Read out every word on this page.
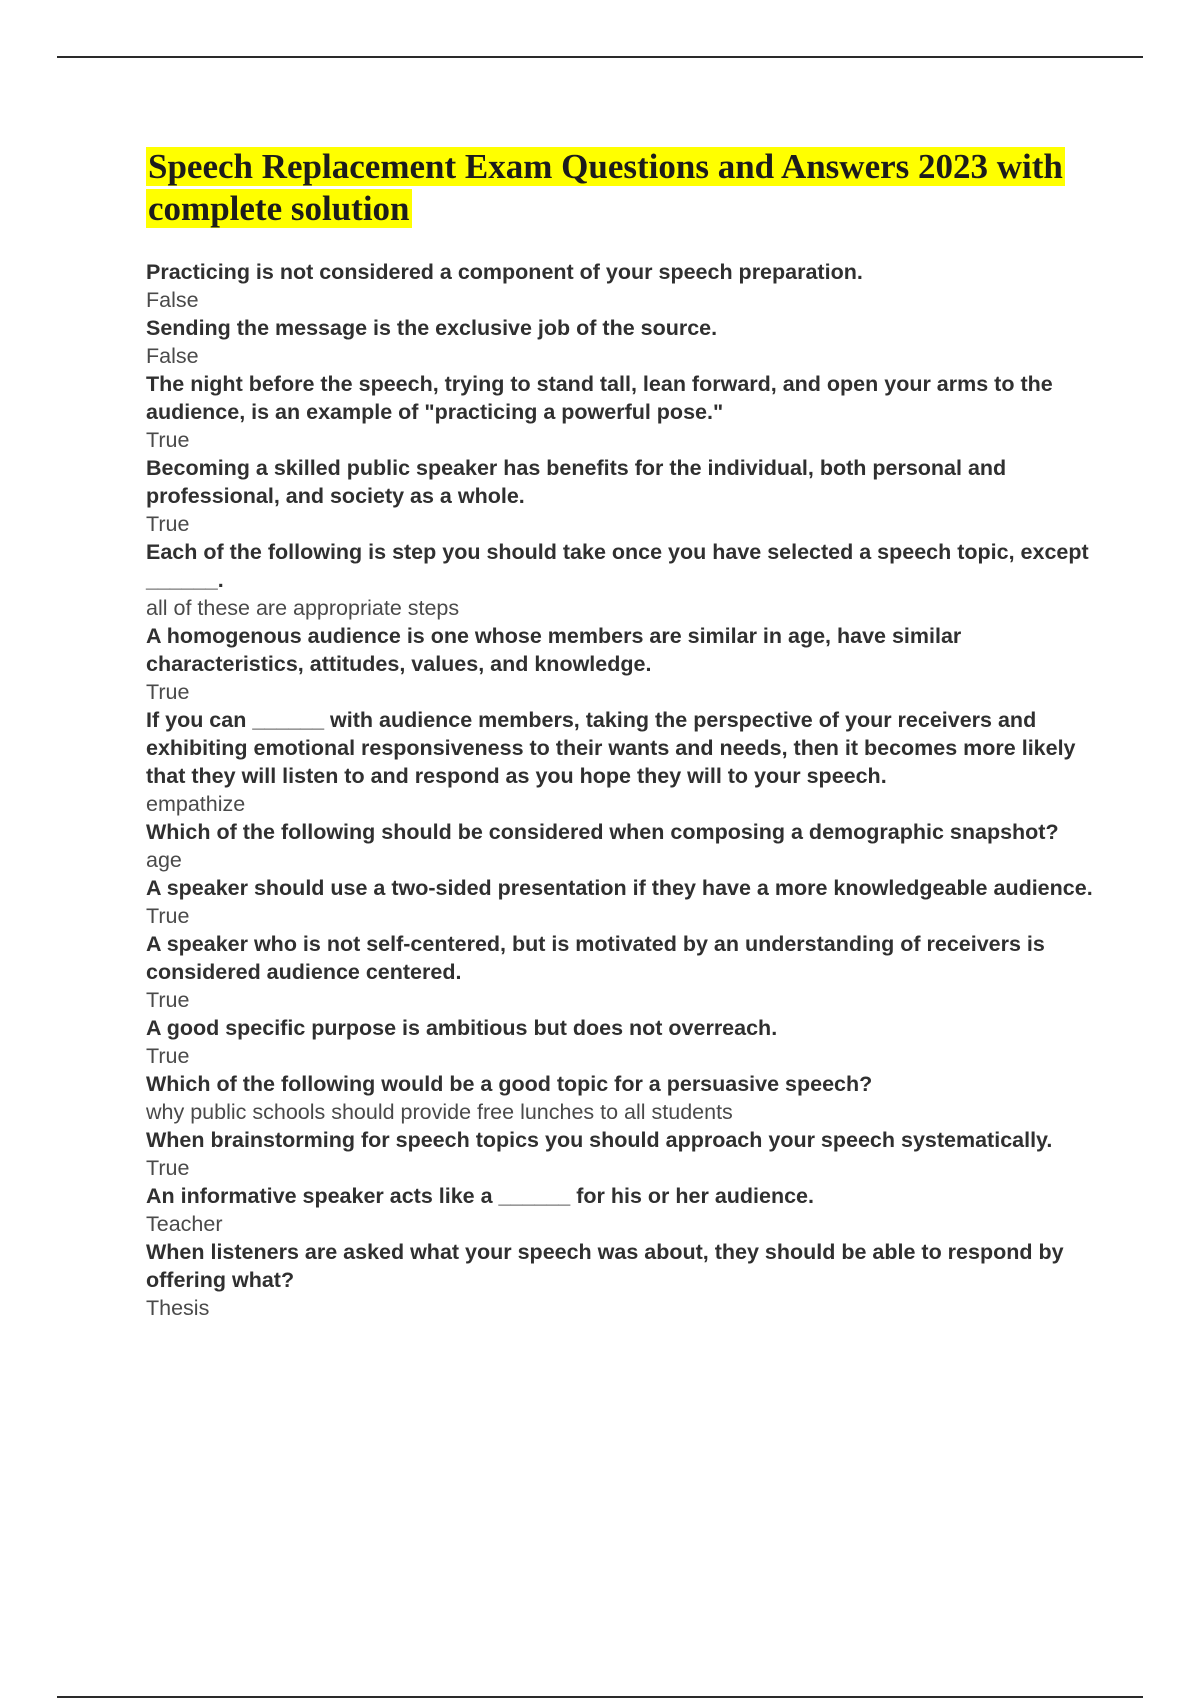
Speech Replacement Exam Questions and Answers 2023 with complete solution

Practicing is not considered a component of your speech preparation.

False

Sending the message is the exclusive job of the source.

False

The night before the speech, trying to stand tall, lean forward, and open your arms to the audience, is an example of "practicing a powerful pose."

True

Becoming a skilled public speaker has benefits for the individual, both personal and professional, and society as a whole.

True

Each of the following is step you should take once you have selected a speech topic, except ______.

all of these are appropriate steps

A homogenous audience is one whose members are similar in age, have similar characteristics, attitudes, values, and knowledge.

True

If you can ______ with audience members, taking the perspective of your receivers and exhibiting emotional responsiveness to their wants and needs, then it becomes more likely that they will listen to and respond as you hope they will to your speech.

empathize

Which of the following should be considered when composing a demographic snapshot?

age

A speaker should use a two-sided presentation if they have a more knowledgeable audience.

True

A speaker who is not self-centered, but is motivated by an understanding of receivers is considered audience centered.

True

A good specific purpose is ambitious but does not overreach.

True

Which of the following would be a good topic for a persuasive speech?

why public schools should provide free lunches to all students

When brainstorming for speech topics you should approach your speech systematically.

True

An informative speaker acts like a ______ for his or her audience.

Teacher

When listeners are asked what your speech was about, they should be able to respond by offering what?

Thesis
